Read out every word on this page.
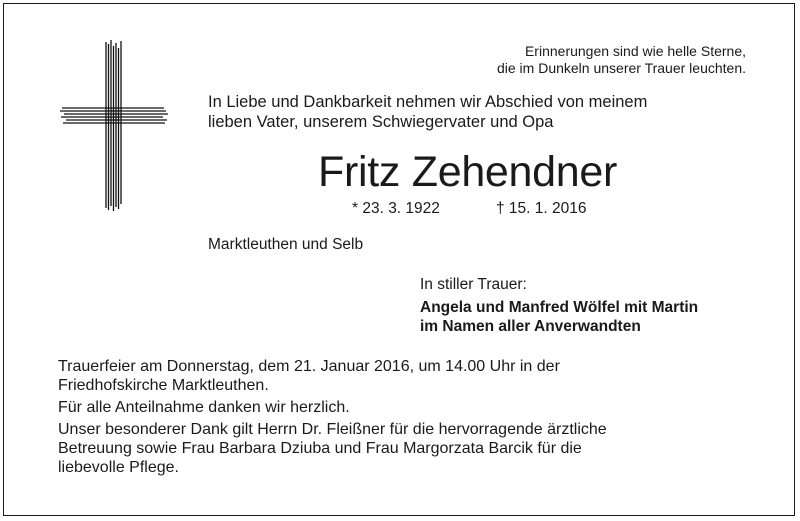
Erinnerungen sind wie helle Sterne,
die im Dunkeln unserer Trauer leuchten.
In Liebe und Dankbarkeit nehmen wir Abschied von meinem
lieben Vater, unserem Schwiegervater und Opa
Fritz Zehendner
* 23. 3. 1922	† 15. 1. 2016
Marktleuthen und Selb
In stiller Trauer:
Angela und Manfred Wölfel mit Martin
im Namen aller Anverwandten
Trauerfeier am Donnerstag, dem 21. Januar 2016, um 14.00 Uhr in der
Friedhofskirche Marktleuthen.
Für alle Anteilnahme danken wir herzlich.
Unser besonderer Dank gilt Herrn Dr. Fleißner für die hervorragende ärztliche
Betreuung sowie Frau Barbara Dziuba und Frau Margorzata Barcik für die
liebevolle Pflege.
